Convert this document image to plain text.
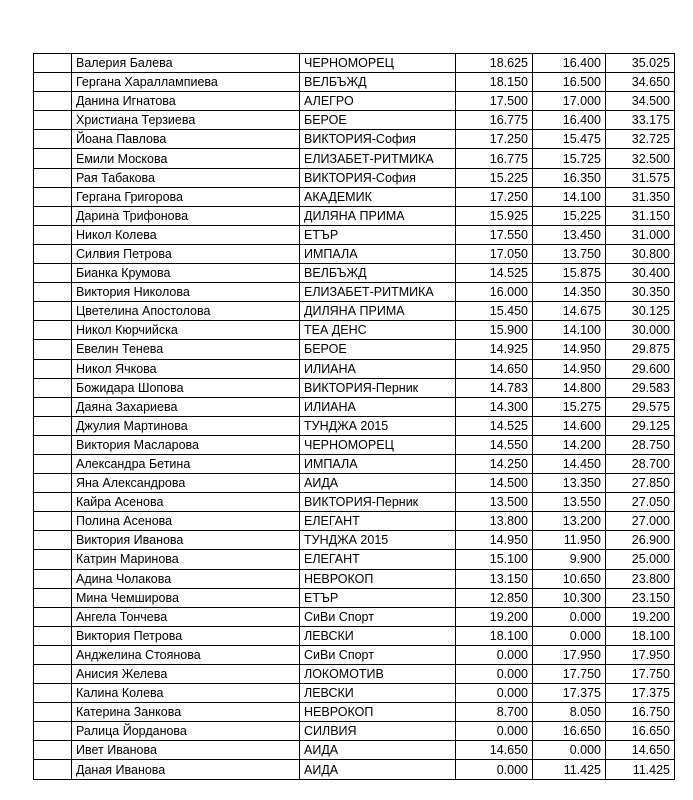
	Валерия Балева	ЧЕРНОМОРЕЦ	18.625	16.400	35.025
	Гергана Хараллампиева	ВЕЛБЪЖД	18.150	16.500	34.650
	Данина Игнатова	АЛЕГРО	17.500	17.000	34.500
	Христиана Терзиева	БЕРОЕ	16.775	16.400	33.175
	Йоана Павлова	ВИКТОРИЯ-София	17.250	15.475	32.725
	Емили Москова	ЕЛИЗАБЕТ-РИТМИКА	16.775	15.725	32.500
	Рая Табакова	ВИКТОРИЯ-София	15.225	16.350	31.575
	Гергана Григорова	АКАДЕМИК	17.250	14.100	31.350
	Дарина Трифонова	ДИЛЯНА ПРИМА	15.925	15.225	31.150
	Никол Колева	ЕТЪР	17.550	13.450	31.000
	Силвия Петрова	ИМПАЛА	17.050	13.750	30.800
	Бианка Крумова	ВЕЛБЪЖД	14.525	15.875	30.400
	Виктория Николова	ЕЛИЗАБЕТ-РИТМИКА	16.000	14.350	30.350
	Цветелина Апостолова	ДИЛЯНА ПРИМА	15.450	14.675	30.125
	Никол Кюрчийска	ТЕА ДЕНС	15.900	14.100	30.000
	Евелин Тенева	БЕРОЕ	14.925	14.950	29.875
	Никол Ячкова	ИЛИАНА	14.650	14.950	29.600
	Божидара Шопова	ВИКТОРИЯ-Перник	14.783	14.800	29.583
	Даяна Захариева	ИЛИАНА	14.300	15.275	29.575
	Джулия Мартинова	ТУНДЖА 2015	14.525	14.600	29.125
	Виктория Масларова	ЧЕРНОМОРЕЦ	14.550	14.200	28.750
	Александра Бетина	ИМПАЛА	14.250	14.450	28.700
	Яна Александрова	АИДА	14.500	13.350	27.850
	Кайра Асенова	ВИКТОРИЯ-Перник	13.500	13.550	27.050
	Полина Асенова	ЕЛЕГАНТ	13.800	13.200	27.000
	Виктория Иванова	ТУНДЖА 2015	14.950	11.950	26.900
	Катрин Маринова	ЕЛЕГАНТ	15.100	9.900	25.000
	Адина Чолакова	НЕВРОКОП	13.150	10.650	23.800
	Мина Чемширова	ЕТЪР	12.850	10.300	23.150
	Ангела Тончева	СиВи Спорт	19.200	0.000	19.200
	Виктория Петрова	ЛЕВСКИ	18.100	0.000	18.100
	Анджелина Стоянова	СиВи Спорт	0.000	17.950	17.950
	Анисия Желева	ЛОКОМОТИВ	0.000	17.750	17.750
	Калина Колева	ЛЕВСКИ	0.000	17.375	17.375
	Катерина Занкова	НЕВРОКОП	8.700	8.050	16.750
	Ралица Йорданова	СИЛВИЯ	0.000	16.650	16.650
	Ивет Иванова	АИДА	14.650	0.000	14.650
	Даная Иванова	АИДА	0.000	11.425	11.425
